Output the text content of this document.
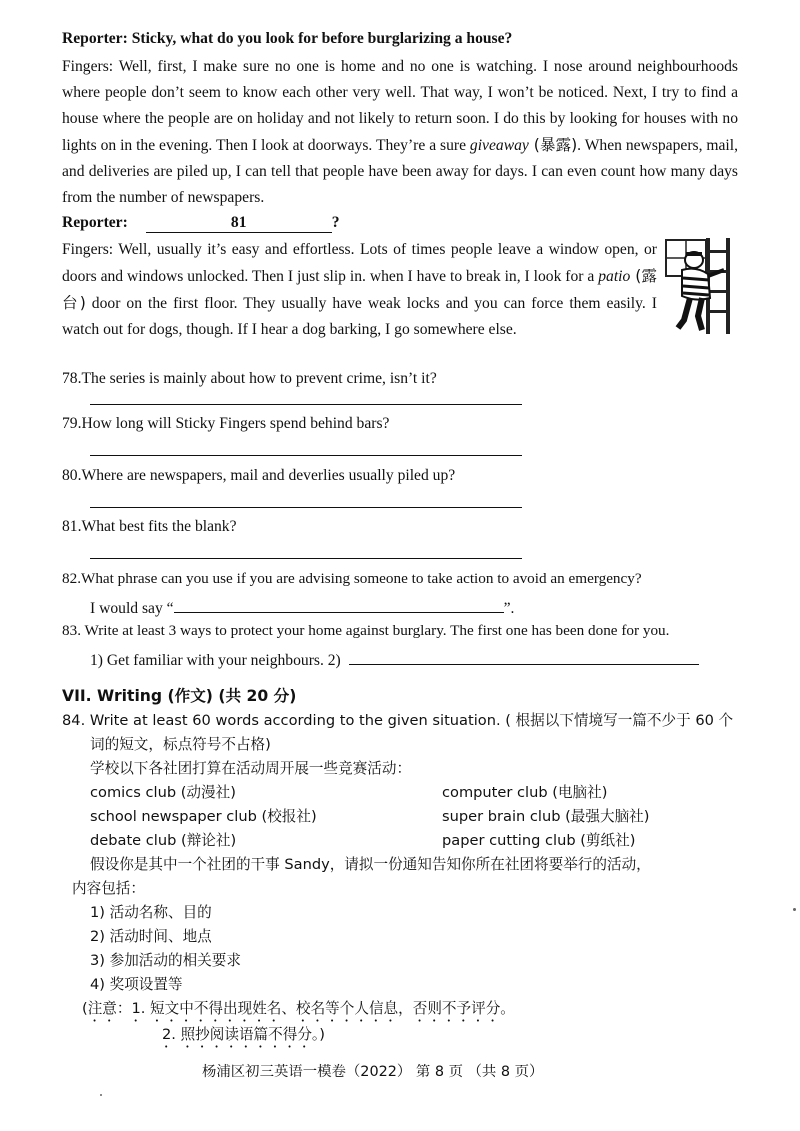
Reporter: Sticky, what do you look for before burglarizing a house?
Fingers: Well, first, I make sure no one is home and no one is watching. I nose around neighbourhoods where people don’t seem to know each other very well. That way, I won’t be noticed. Next, I try to find a house where the people are on holiday and not likely to return soon. I do this by looking for houses with no lights on in the evening. Then I look at doorways. They’re a sure giveaway (暴露). When newspapers, mail, and deliveries are piled up, I can tell that people have been away for days. I can even count how many days from the number of newspapers.
Reporter:	81	?
Fingers: Well, usually it’s easy and effortless. Lots of times people leave a window open, or doors and windows unlocked. Then I just slip in. when I have to break in, I look for a patio (露台) door on the first floor. They usually have weak locks and you can force them easily. I watch out for dogs, though. If I hear a dog barking, I go somewhere else.
78.The series is mainly about how to prevent crime, isn’t it?
79.How long will Sticky Fingers spend behind bars?
80.Where are newspapers, mail and deverlies usually piled up?
81.What best fits the blank?
82.What phrase can you use if you are advising someone to take action to avoid an emergency?
I would say “	”.
83. Write at least 3 ways to protect your home against burglary. The first one has been done for you.
1) Get familiar with your neighbours. 2)
VII. Writing (作文) (共 20 分)
84. Write at least 60 words according to the given situation. ( 根据以下情境写一篇不少于 60 个
词的短文，标点符号不占格)
学校以下各社团打算在活动周开展一些竞赛活动：
comics club (动漫社)	computer club (电脑社)
school newspaper club (校报社)	super brain club (最强大脑社)
debate club (辩论社)	paper cutting club (剪纸社)
假设你是其中一个社团的干事 Sandy，请拟一份通知告知你所在社团将要举行的活动，
内容包括：
1) 活动名称、目的
2) 活动时间、地点
3) 参加活动的相关要求
4) 奖项设置等
(注意：1. 短文中不得出现姓名、校名等个人信息，否则不予评分。
2. 照抄阅读语篇不得分。)
杨浦区初三英语一模卷（2022） 第 8 页 （共 8 页）
